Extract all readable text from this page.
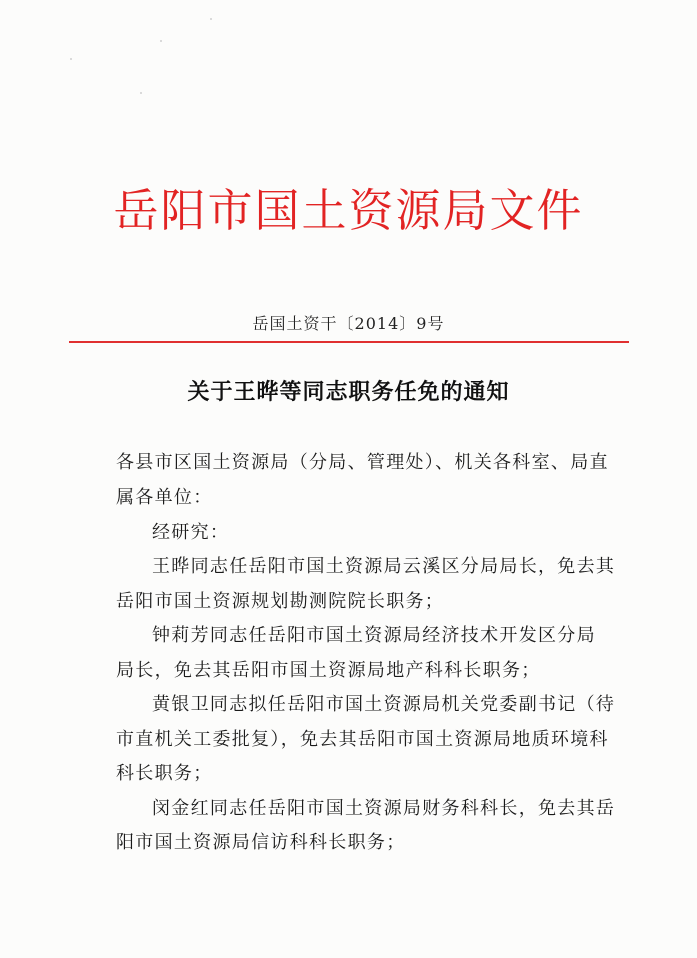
岳阳市国土资源局文件
岳国土资干〔2014〕9号
关于王晔等同志职务任免的通知
各县市区国土资源局（分局、管理处）、机关各科室、局直
属各单位：
经研究：
王晔同志任岳阳市国土资源局云溪区分局局长，免去其
岳阳市国土资源规划勘测院院长职务；
钟莉芳同志任岳阳市国土资源局经济技术开发区分局
局长，免去其岳阳市国土资源局地产科科长职务；
黄银卫同志拟任岳阳市国土资源局机关党委副书记（待
市直机关工委批复），免去其岳阳市国土资源局地质环境科
科长职务；
闵金红同志任岳阳市国土资源局财务科科长，免去其岳
阳市国土资源局信访科科长职务；
